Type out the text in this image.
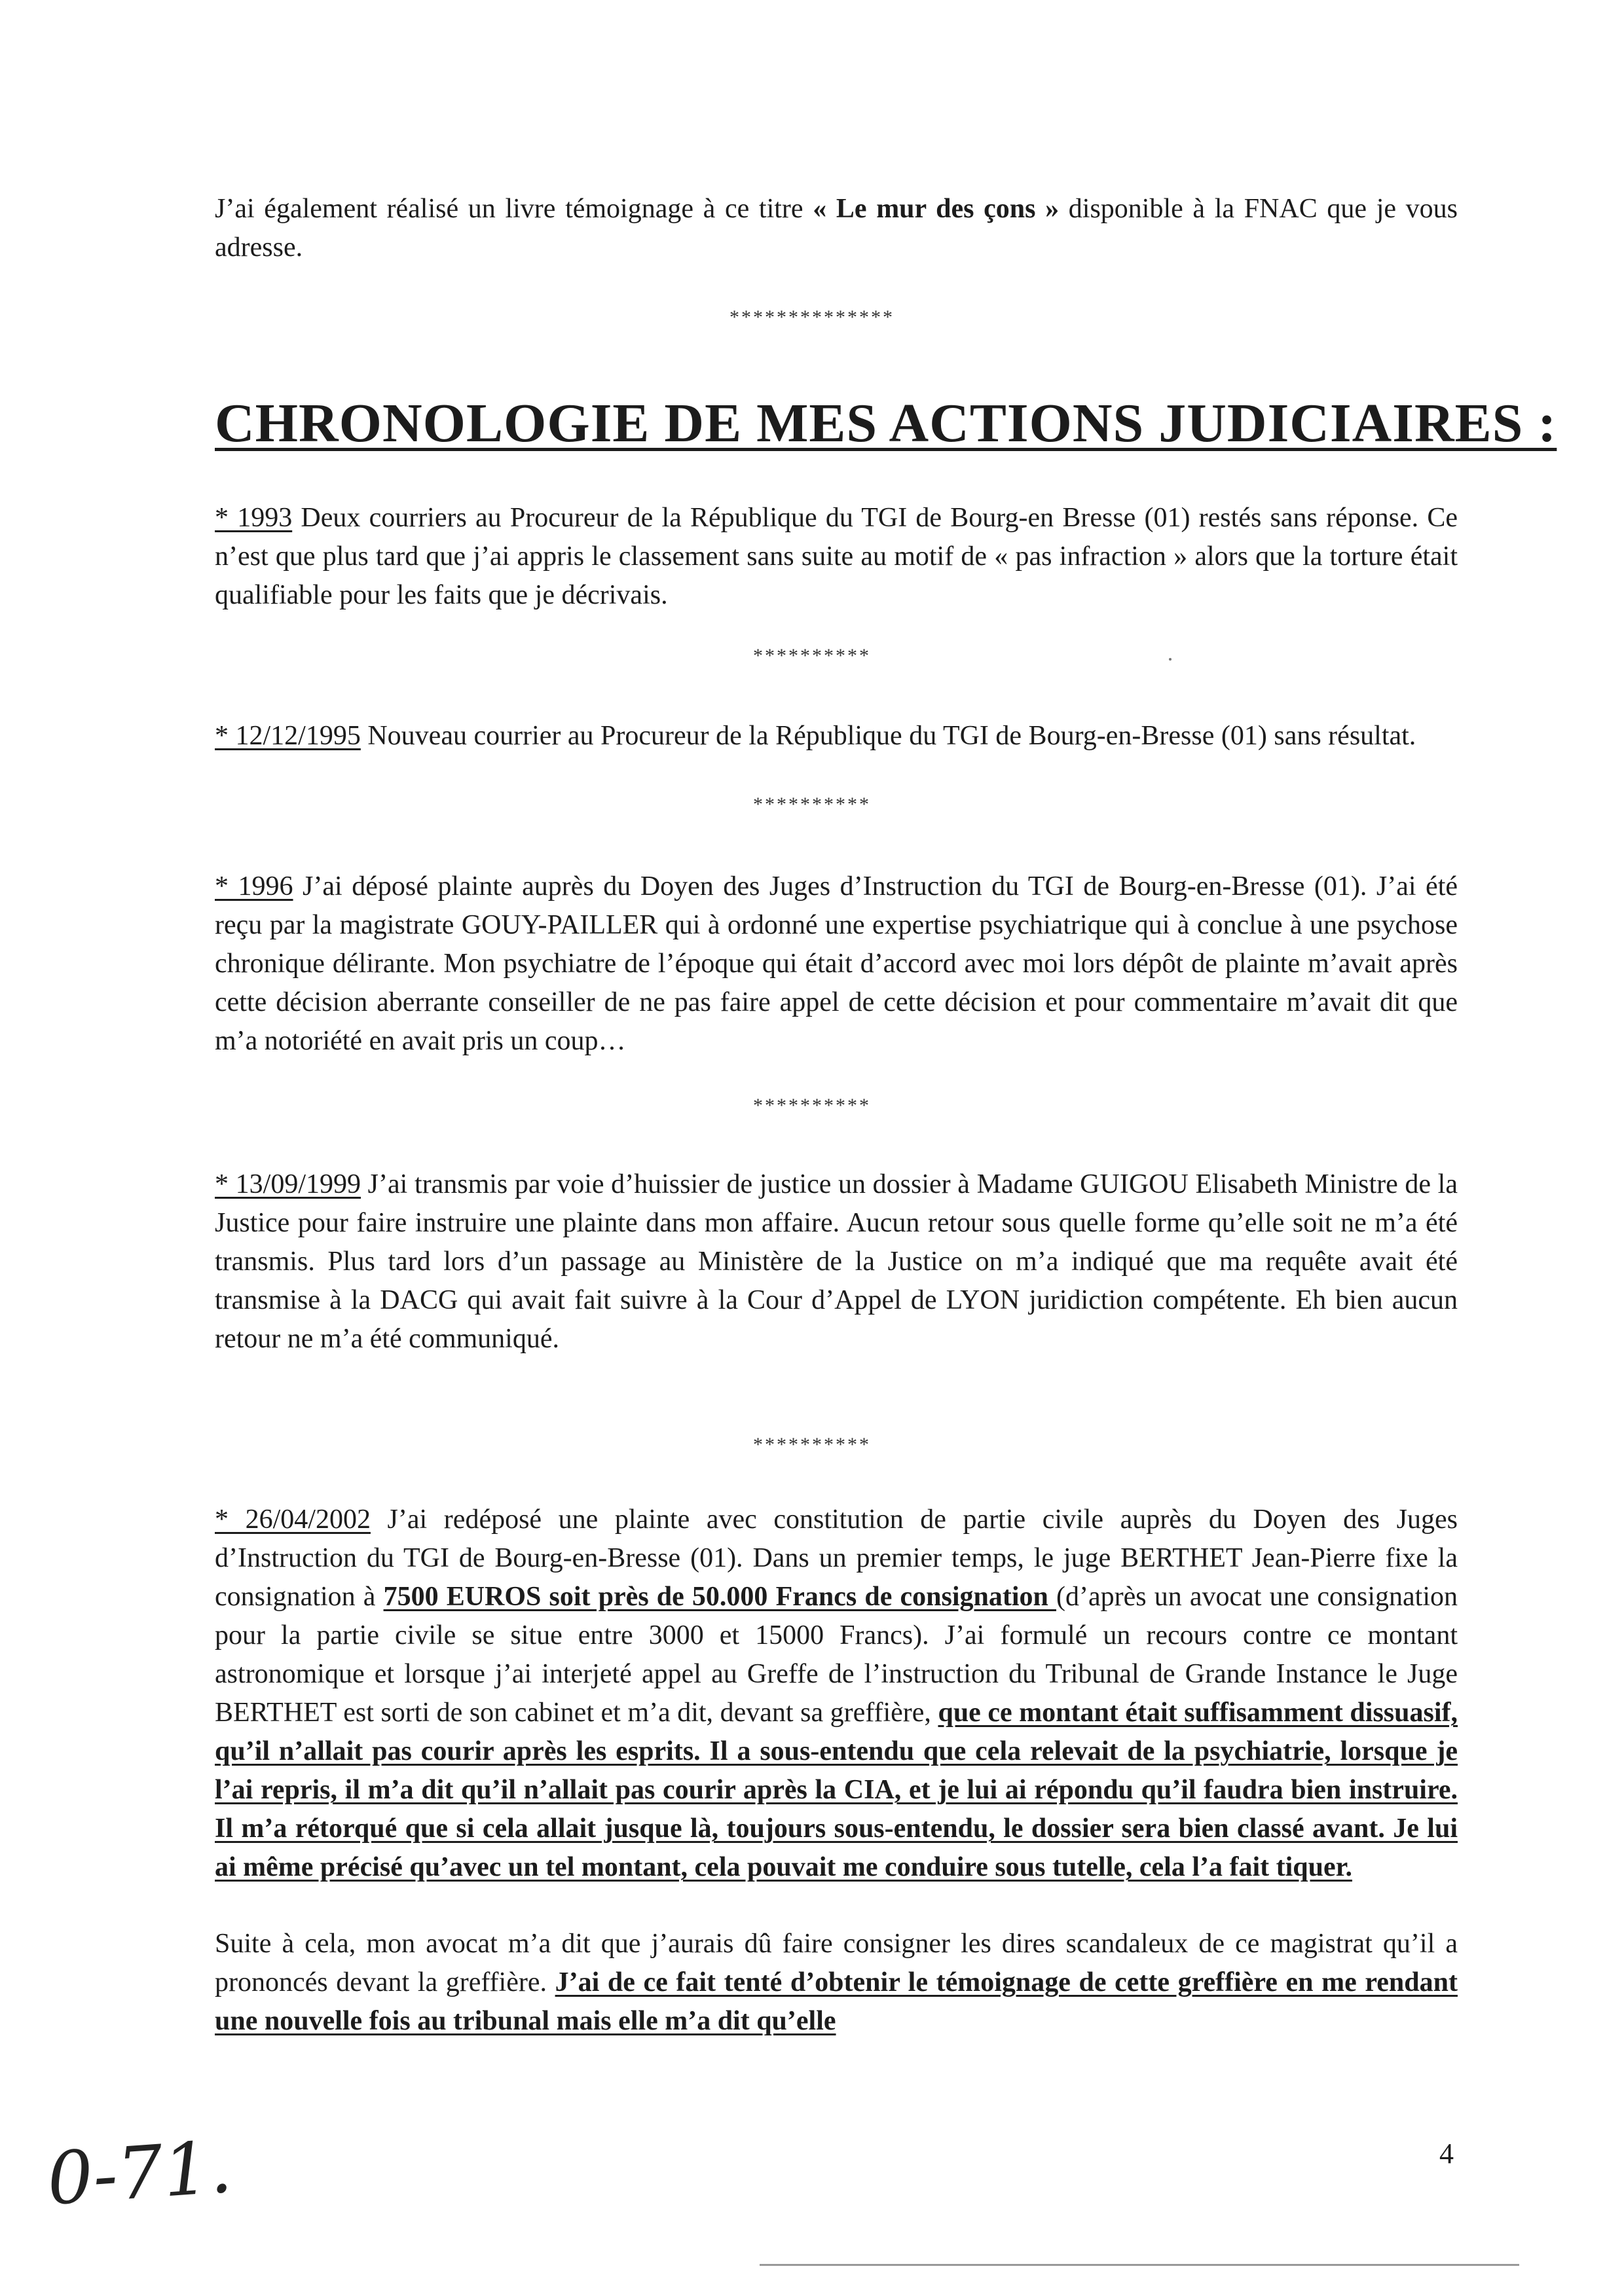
J’ai également réalisé un livre témoignage à ce titre « Le mur des çons » disponible à la FNAC que je vous adresse.

**************
CHRONOLOGIE DE MES ACTIONS JUDICIAIRES :

* 1993 Deux courriers au Procureur de la République du TGI de Bourg-en Bresse (01) restés sans réponse. Ce n’est que plus tard que j’ai appris le classement sans suite au motif de « pas infraction » alors que la torture était qualifiable pour les faits que je décrivais.

**********

* 12/12/1995 Nouveau courrier au Procureur de la République du TGI de Bourg-en-Bresse (01) sans résultat.

**********

* 1996 J’ai déposé plainte auprès du Doyen des Juges d’Instruction du TGI de Bourg-en-Bresse (01). J’ai été reçu par la magistrate GOUY-PAILLER qui à ordonné une expertise psychiatrique qui à conclue à une psychose chronique délirante. Mon psychiatre de l’époque qui était d’accord avec moi lors dépôt de plainte m’avait après cette décision aberrante conseiller de ne pas faire appel de cette décision et pour commentaire m’avait dit que m’a notoriété en avait pris un coup…

**********

* 13/09/1999 J’ai transmis par voie d’huissier de justice un dossier à Madame GUIGOU Elisabeth Ministre de la Justice pour faire instruire une plainte dans mon affaire. Aucun retour sous quelle forme qu’elle soit ne m’a été transmis. Plus tard lors d’un passage au Ministère de la Justice on m’a indiqué que ma requête avait été transmise à la DACG qui avait fait suivre à la Cour d’Appel de LYON juridiction compétente. Eh bien aucun retour ne m’a été communiqué.

**********

* 26/04/2002 J’ai redéposé une plainte avec constitution de partie civile auprès du Doyen des Juges d’Instruction du TGI de Bourg-en-Bresse (01). Dans un premier temps, le juge BERTHET Jean-Pierre fixe la consignation à 7500 EUROS soit près de 50.000 Francs de consignation (d’après un avocat une consignation pour la partie civile se situe entre 3000 et 15000 Francs). J’ai formulé un recours contre ce montant astronomique et lorsque j’ai interjeté appel au Greffe de l’instruction du Tribunal de Grande Instance le Juge BERTHET est sorti de son cabinet et m’a dit, devant sa greffière, que ce montant était suffisamment dissuasif, qu’il n’allait pas courir après les esprits. Il a sous-entendu que cela relevait de la psychiatrie, lorsque je l’ai repris, il m’a dit qu’il n’allait pas courir après la CIA, et je lui ai répondu qu’il faudra bien instruire. Il m’a rétorqué que si cela allait jusque là, toujours sous-entendu, le dossier sera bien classé avant. Je lui ai même précisé qu’avec un tel montant, cela pouvait me conduire sous tutelle, cela l’a fait tiquer.

Suite à cela, mon avocat m’a dit que j’aurais dû faire consigner les dires scandaleux de ce magistrat qu’il a prononcés devant la greffière. J’ai de ce fait tenté d’obtenir le témoignage de cette greffière en me rendant une nouvelle fois au tribunal mais elle m’a dit qu’elle

0-71.	4
